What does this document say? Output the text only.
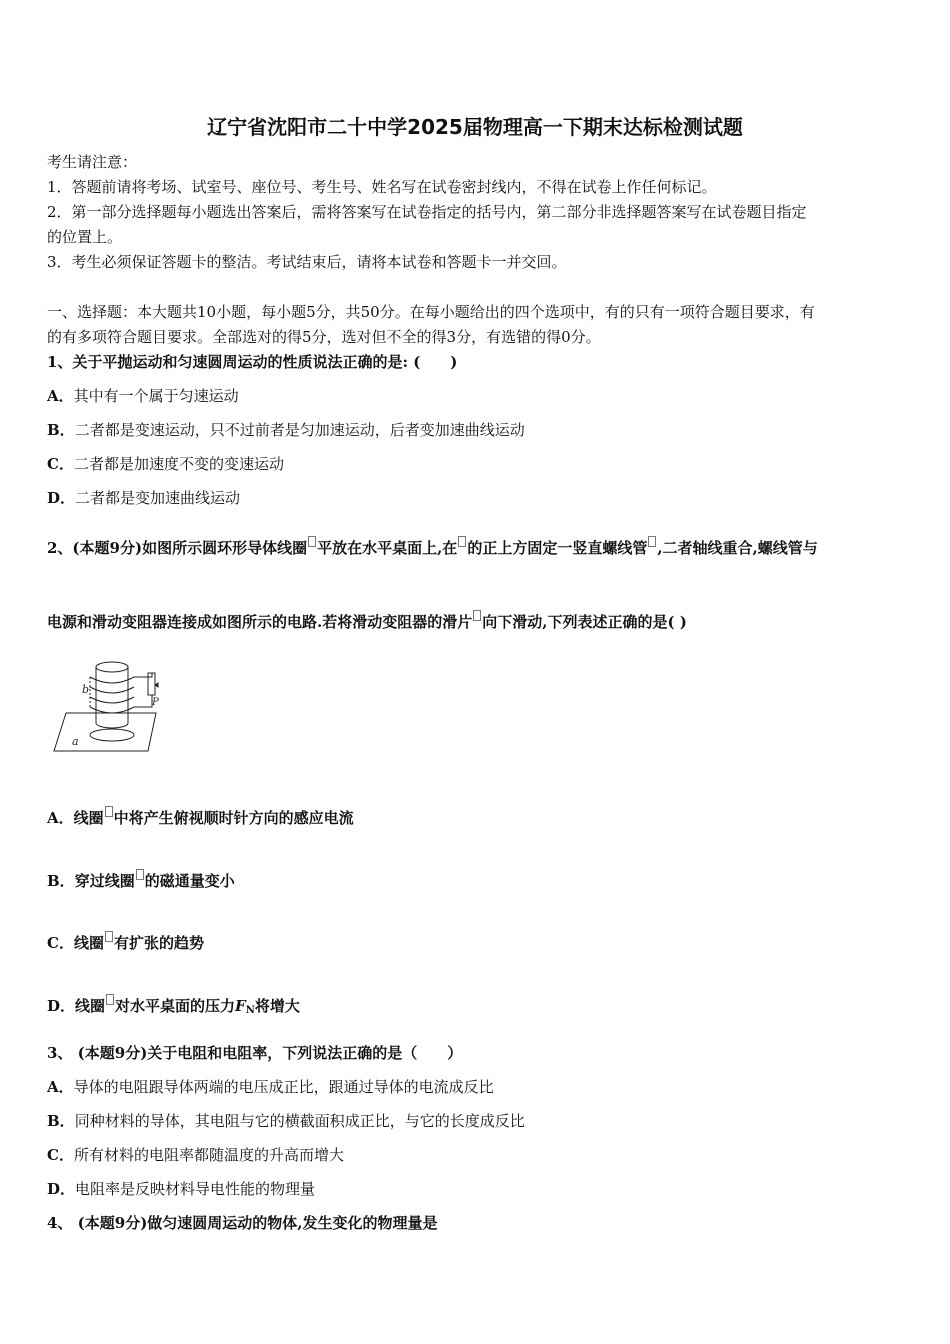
辽宁省沈阳市二十中学2025届物理高一下期末达标检测试题
考生请注意：
1．答题前请将考场、试室号、座位号、考生号、姓名写在试卷密封线内，不得在试卷上作任何标记。
2．第一部分选择题每小题选出答案后，需将答案写在试卷指定的括号内，第二部分非选择题答案写在试卷题目指定
的位置上。
3．考生必须保证答题卡的整洁。考试结束后，请将本试卷和答题卡一并交回。
一、选择题：本大题共10小题，每小题5分，共50分。在每小题给出的四个选项中，有的只有一项符合题目要求，有
的有多项符合题目要求。全部选对的得5分，选对但不全的得3分，有选错的得0分。
1、关于平抛运动和匀速圆周运动的性质说法正确的是: (　　)
A．其中有一个属于匀速运动
B．二者都是变速运动，只不过前者是匀加速运动，后者变加速曲线运动
C．二者都是加速度不变的变速运动
D．二者都是变加速曲线运动
2、(本题9分)如图所示圆环形导体线圈 平放在水平桌面上,在 的正上方固定一竖直螺线管 ,二者轴线重合,螺线管与
电源和滑动变阻器连接成如图所示的电路.若将滑动变阻器的滑片 向下滑动,下列表述正确的是( )
b
P
a
A．线圈 中将产生俯视顺时针方向的感应电流
B．穿过线圈 的磁通量变小
C．线圈 有扩张的趋势
D．线圈 对水平桌面的压力$F_N$将增大
3、 (本题9分)关于电阻和电阻率，下列说法正确的是（　　）
A．导体的电阻跟导体两端的电压成正比，跟通过导体的电流成反比
B．同种材料的导体，其电阻与它的横截面积成正比，与它的长度成反比
C．所有材料的电阻率都随温度的升高而增大
D．电阻率是反映材料导电性能的物理量
4、 (本题9分)做匀速圆周运动的物体,发生变化的物理量是
